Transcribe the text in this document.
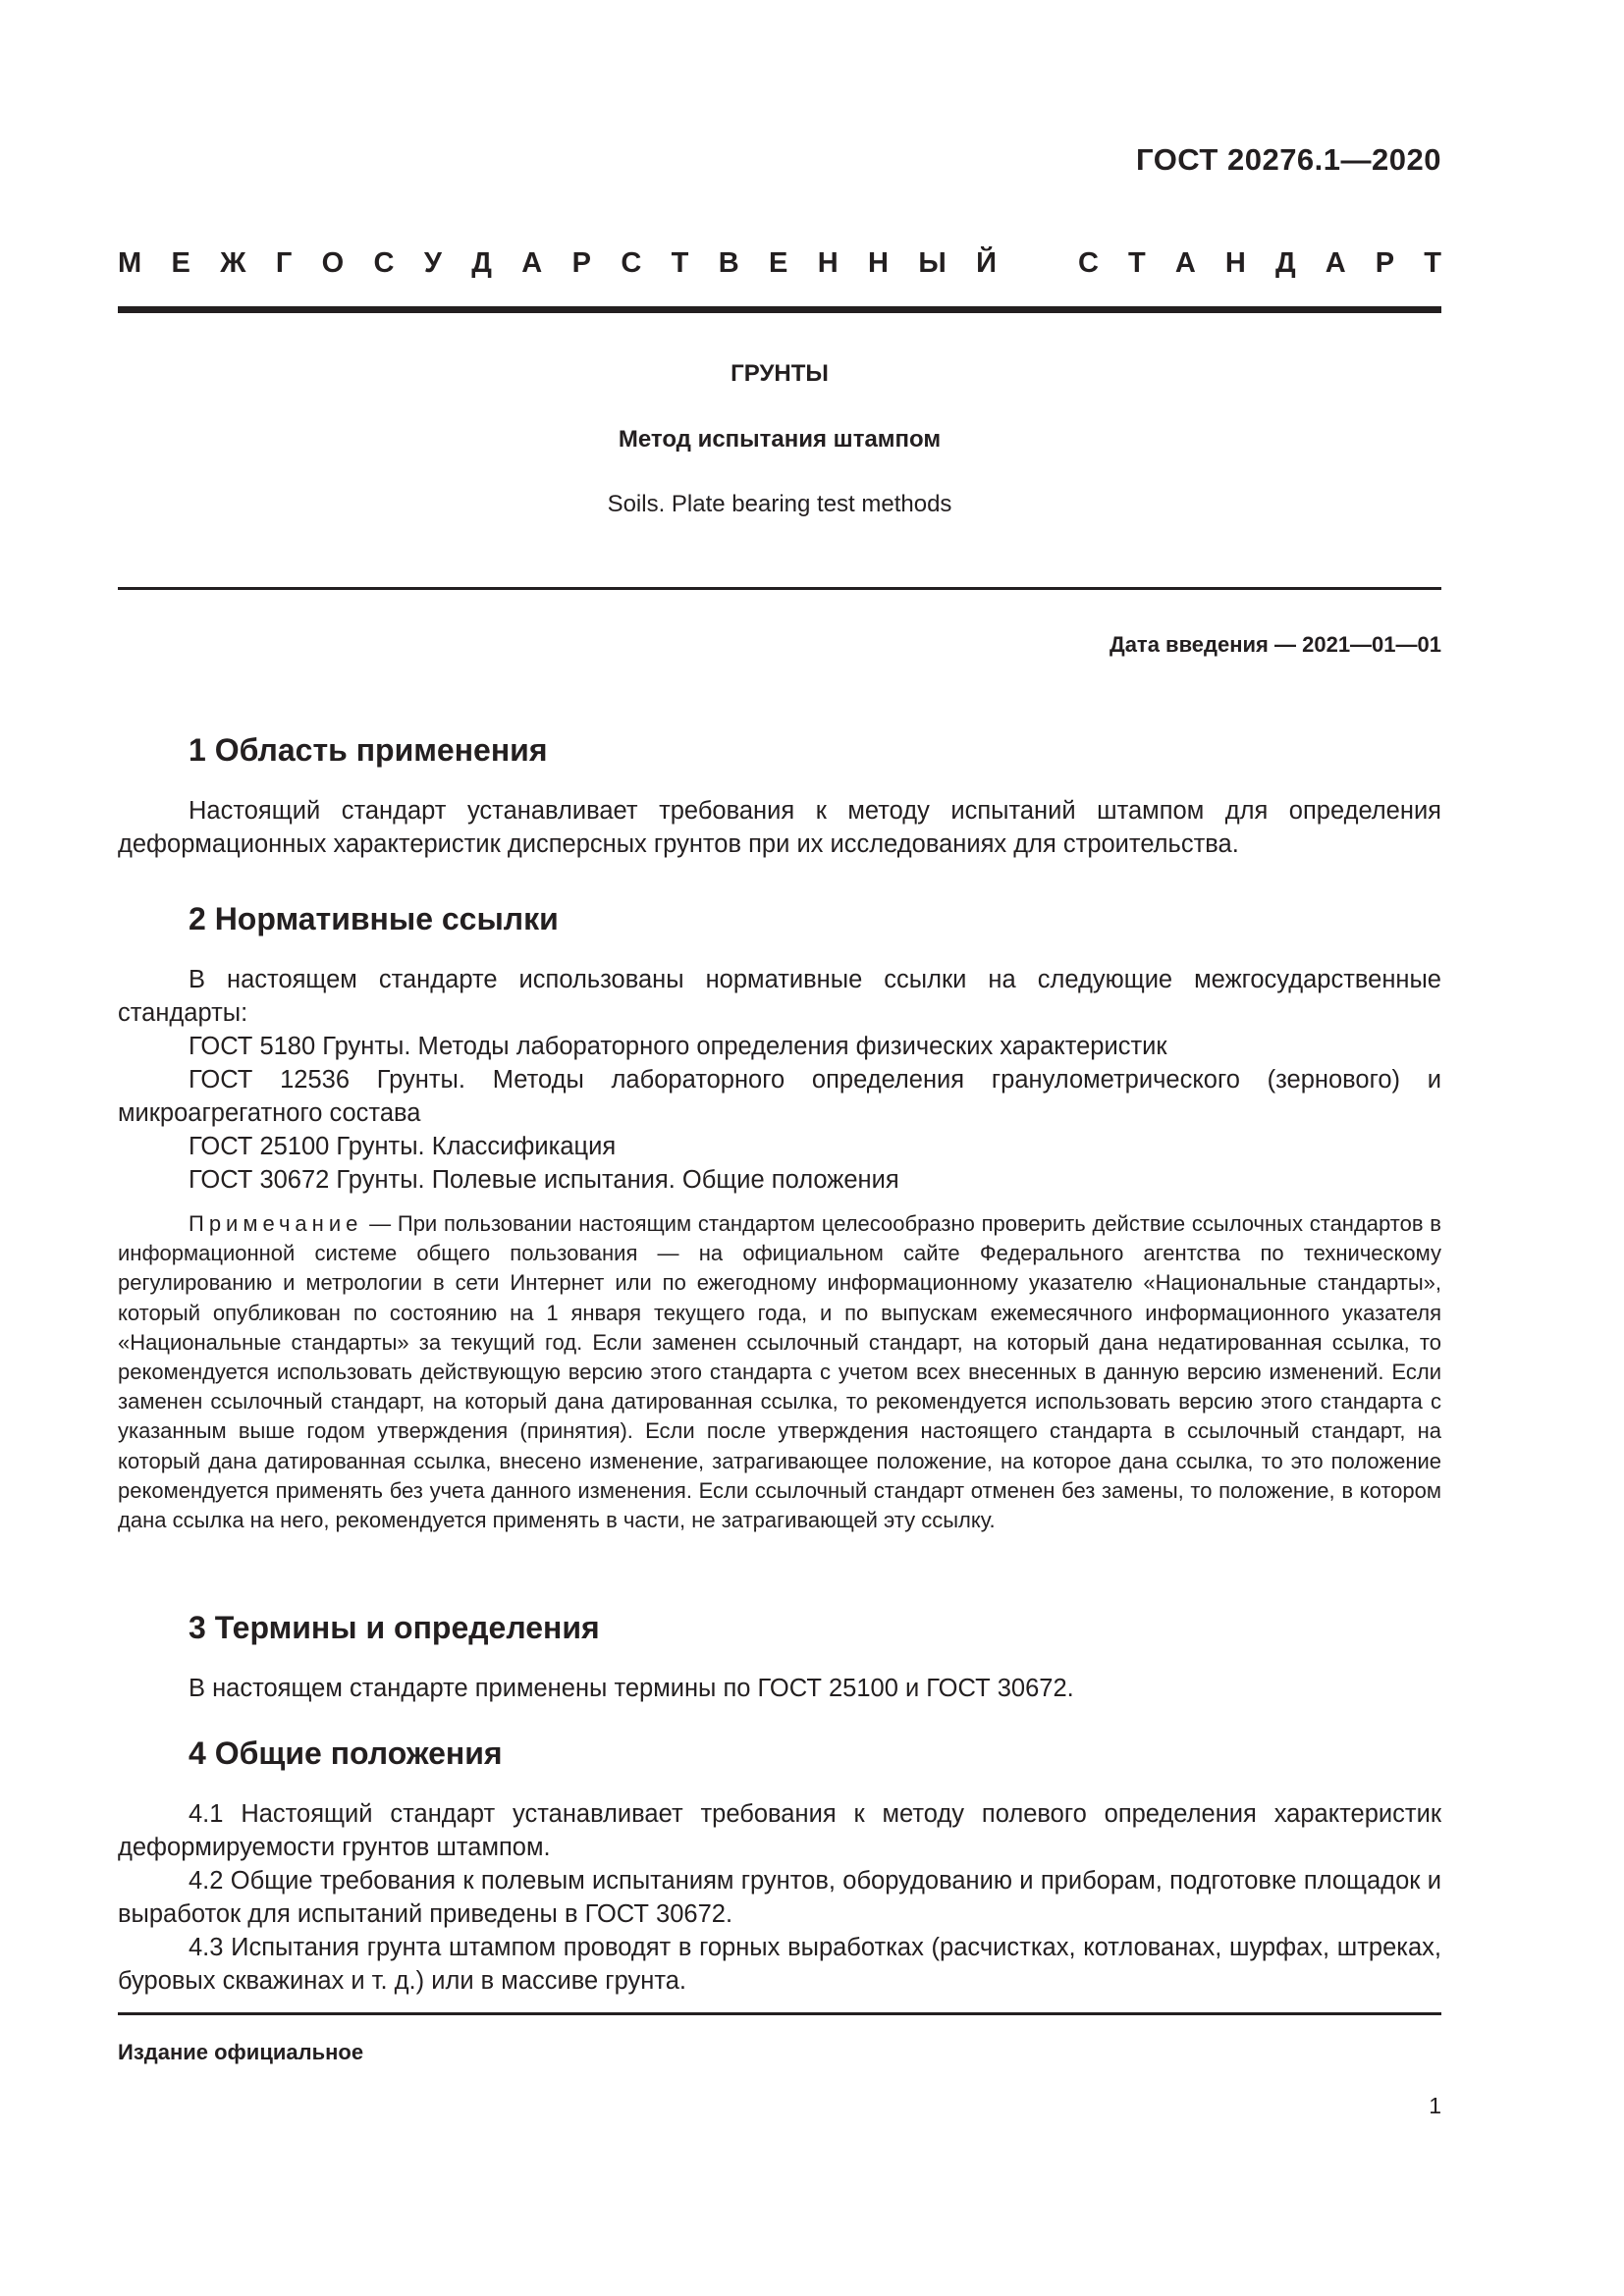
ГОСТ 20276.1—2020
М Е Ж Г О С У Д А Р С Т В Е Н Н Ы Й	С Т А Н Д А Р Т
ГРУНТЫ
Метод испытания штампом
Soils. Plate bearing test methods
Дата введения — 2021—01—01
1 Область применения

Настоящий стандарт устанавливает требования к методу испытаний штампом для определения деформационных характеристик дисперсных грунтов при их исследованиях для строительства.

2 Нормативные ссылки

В настоящем стандарте использованы нормативные ссылки на следующие межгосударственные стандарты:

ГОСТ 5180 Грунты. Методы лабораторного определения физических характеристик

ГОСТ 12536 Грунты. Методы лабораторного определения гранулометрического (зернового) и микроагрегатного состава

ГОСТ 25100 Грунты. Классификация

ГОСТ 30672 Грунты. Полевые испытания. Общие положения

Примечание — При пользовании настоящим стандартом целесообразно проверить действие ссылочных стандартов в информационной системе общего пользования — на официальном сайте Федерального агентства по техническому регулированию и метрологии в сети Интернет или по ежегодному информационному указателю «Национальные стандарты», который опубликован по состоянию на 1 января текущего года, и по выпускам ежемесячного информационного указателя «Национальные стандарты» за текущий год. Если заменен ссылочный стандарт, на который дана недатированная ссылка, то рекомендуется использовать действующую версию этого стандарта с учетом всех внесенных в данную версию изменений. Если заменен ссылочный стандарт, на который дана датированная ссылка, то рекомендуется использовать версию этого стандарта с указанным выше годом утверждения (принятия). Если после утверждения настоящего стандарта в ссылочный стандарт, на который дана датированная ссылка, внесено изменение, затрагивающее положение, на которое дана ссылка, то это положение рекомендуется применять без учета данного изменения. Если ссылочный стандарт отменен без замены, то положение, в котором дана ссылка на него, рекомендуется применять в части, не затрагивающей эту ссылку.

3 Термины и определения

В настоящем стандарте применены термины по ГОСТ 25100 и ГОСТ 30672.

4 Общие положения

4.1 Настоящий стандарт устанавливает требования к методу полевого определения характеристик деформируемости грунтов штампом.

4.2 Общие требования к полевым испытаниям грунтов, оборудованию и приборам, подготовке площадок и выработок для испытаний приведены в ГОСТ 30672.

4.3 Испытания грунта штампом проводят в горных выработках (расчистках, котлованах, шурфах, штреках, буровых скважинах и т. д.) или в массиве грунта.

Издание официальное
1
